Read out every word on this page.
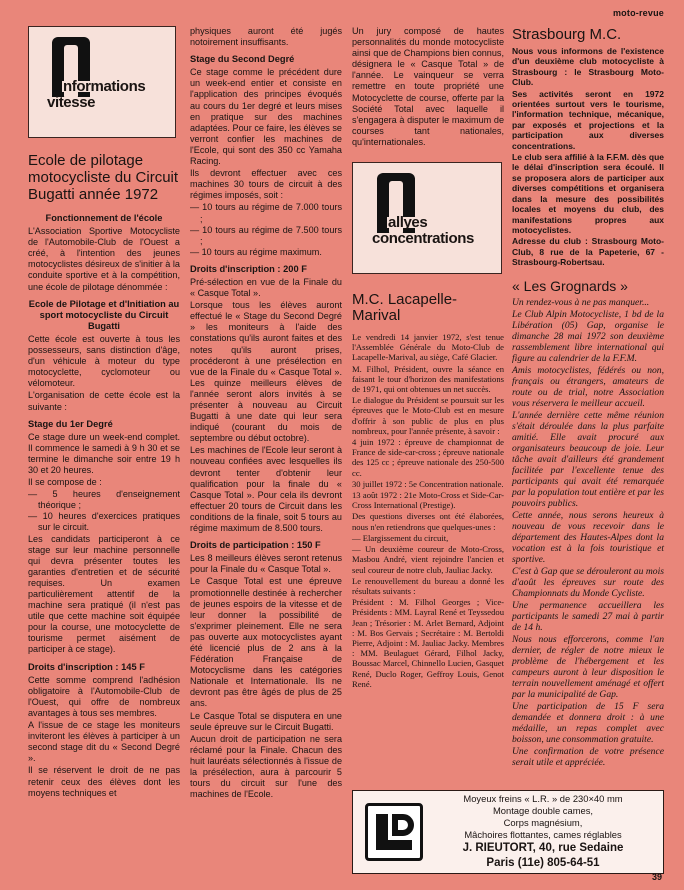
moto-revue
nformations
vitesse
Ecole de pilotage motocycliste du Circuit Bugatti année 1972
Fonctionnement de l'école

L'Association Sportive Motocycliste de l'Automobile-Club de l'Ouest a créé, à l'intention des jeunes motocyclistes désireux de s'initier à la conduite sportive et à la compétition, une école de pilotage dénommée :

Ecole de Pilotage et d'Initiation au sport motocycliste du Circuit Bugatti

Cette école est ouverte à tous les possesseurs, sans distinction d'âge, d'un véhicule à moteur du type motocyclette, cyclomoteur ou vélomoteur.

L'organisation de cette école est la suivante :

Stage du 1er Degré

Ce stage dure un week-end complet. Il commence le samedi à 9 h 30 et se termine le dimanche soir entre 19 h 30 et 20 heures.

Il se compose de :

— 5 heures d'enseignement théorique ;
— 10 heures d'exercices pratiques sur le circuit.

Les candidats participeront à ce stage sur leur machine personnelle qui devra présenter toutes les garanties d'entretien et de sécurité requises. Un examen particulièrement attentif de la machine sera pratiqué (il n'est pas utile que cette machine soit équipée pour la course, une motocyclette de tourisme permet aisément de participer à ce stage).

Droits d'inscription : 145 F

Cette somme comprend l'adhésion obligatoire à l'Automobile-Club de l'Ouest, qui offre de nombreux avantages à tous ses membres.

A l'issue de ce stage les moniteurs inviteront les élèves à participer à un second stage dit du « Second Degré ».

Il se réservent le droit de ne pas retenir ceux des élèves dont les moyens techniques et

physiques auront été jugés notoirement insuffisants.

Stage du Second Degré

Ce stage comme le précédent dure un week-end entier et consiste en l'application des principes évoqués au cours du 1er degré et leurs mises en pratique sur des machines adaptées. Pour ce faire, les élèves se verront confier les machines de l'Ecole, qui sont des 350 cc Yamaha Racing.

Ils devront effectuer avec ces machines 30 tours de circuit à des régimes imposés, soit :

— 10 tours au régime de 7.000 tours ;
— 10 tours au régime de 7.500 tours ;
— 10 tours au régime maximum.
Droits d'inscription : 200 F

Pré-sélection en vue de la Finale du « Casque Total ».

Lorsque tous les élèves auront effectué le « Stage du Second Degré » les moniteurs à l'aide des constations qu'ils auront faites et des notes qu'ils auront prises, procéderont à une présélection en vue de la Finale du « Casque Total ». Les quinze meilleurs élèves de l'année seront alors invités à se présenter à nouveau au Circuit Bugatti à une date qui leur sera indiqué (courant du mois de septembre ou début octobre).

Les machines de l'Ecole leur seront à nouveau confiées avec lesquelles ils devront tenter d'obtenir leur qualification pour la finale du « Casque Total ». Pour cela ils devront effectuer 20 tours de Circuit dans les conditions de la finale, soit 5 tours au régime maximum de 8.500 tours.

Droits de participation : 150 F

Les 8 meilleurs élèves seront retenus pour la Finale du « Casque Total ».

Le Casque Total est une épreuve promotionnelle destinée à rechercher de jeunes espoirs de la vitesse et de leur donner la possibilité de s'exprimer pleinement. Elle ne sera pas ouverte aux motocyclistes ayant été licencié plus de 2 ans à la Fédération Française de Motocyclisme dans les catégories Nationale et Internationale. Ils ne devront pas être âgés de plus de 25 ans.

Le Casque Total se disputera en une seule épreuve sur le Circuit Bugatti.

Aucun droit de participation ne sera réclamé pour la Finale. Chacun des huit lauréats sélectionnés à l'issue de la présélection, aura à parcourir 5 tours du circuit sur l'une des machines de l'Ecole.

Un jury composé de hautes personnalités du monde motocycliste ainsi que de Champions bien connus, désignera le « Casque Total » de l'année. Le vainqueur se verra remettre en toute propriété une Motocyclette de course, offerte par la Société Total avec laquelle il s'engagera à disputer le maximum de courses tant nationales, qu'internationales.

allyes
concentrations
M.C. Lacapelle-Marival

Le vendredi 14 janvier 1972, s'est tenue l'Assemblée Générale du Moto-Club de Lacapelle-Marival, au siège, Café Glacier.

M. Filhol, Président, ouvre la séance en faisant le tour d'horizon des manifestations de 1971, qui ont obtenues un net succès.

Le dialogue du Président se poursuit sur les épreuves que le Moto-Club est en mesure d'offrir à son public de plus en plus nombreux, pour l'année présente, à savoir :

4 juin 1972 : épreuve de championnat de France de side-car-cross ; épreuve nationale des 125 cc ; épreuve nationale des 250-500 cc.

30 juillet 1972 : 5e Concentration nationale.

13 août 1972 : 21e Moto-Cross et Side-Car-Cross International (Prestige).

Des questions diverses ont été élaborées, nous n'en retiendrons que quelques-unes :

— Elargissement du circuit,

— Un deuxième coureur de Moto-Cross, Masbou André, vient rejoindre l'ancien et seul coureur de notre club, Jauliac Jacky.

Le renouvellement du bureau a donné les résultats suivants :

Président : M. Filhol Georges ; Vice-Présidents : MM. Layral René et Teyssedou Jean ; Trésorier : M. Arlet Bernard, Adjoint : M. Bos Gervais ; Secrétaire : M. Bertoldi Pierre, Adjoint : M. Jauliac Jacky. Membres : MM. Beulaguet Gérard, Filhol Jacky, Boussac Marcel, Chinnello Lucien, Gasquet René, Duclo Roger, Geffroy Louis, Genot René.

Strasbourg M.C.

Nous vous informons de l'existence d'un deuxième club motocycliste à Strasbourg : le Strasbourg Moto-Club.

Ses activités seront en 1972 orientées surtout vers le tourisme, l'information technique, mécanique, par exposés et projections et la participation aux diverses concentrations.

Le club sera affilié à la F.F.M. dès que le délai d'inscription sera écoulé. Il se proposera alors de participer aux diverses compétitions et organisera dans la mesure des possibilités locales et moyens du club, des manifestations propres aux motocyclistes.

Adresse du club : Strasbourg Moto-Club, 8 rue de la Papeterie, 67 - Strasbourg-Robertsau.

« Les Grognards »

Un rendez-vous à ne pas manquer...

Le Club Alpin Motocycliste, 1 bd de la Libération (05) Gap, organise le dimanche 28 mai 1972 son deuxième rassemblement libre international qui figure au calendrier de la F.F.M.

Amis motocyclistes, fédérés ou non, français ou étrangers, amateurs de route ou de trial, notre Association vous réservera le meilleur accueil.

L'année dernière cette même réunion s'était déroulée dans la plus parfaite amitié. Elle avait procuré aux organisateurs beaucoup de joie. Leur tâche avait d'ailleurs été grandement facilitée par l'excellente tenue des participants qui avait été remarquée par la population tout entière et par les pouvoirs publics.

Cette année, nous serons heureux à nouveau de vous recevoir dans le département des Hautes-Alpes dont la vocation est à la fois touristique et sportive.

C'est à Gap que se dérouleront au mois d'août les épreuves sur route des Championnats du Monde Cycliste.

Une permanence accueillera les participants le samedi 27 mai à partir de 14 h.

Nous nous efforcerons, comme l'an dernier, de régler de notre mieux le problème de l'hébergement et les campeurs auront à leur disposition le terrain nouvellement aménagé et offert par la municipalité de Gap.

Une participation de 15 F sera demandée et donnera droit : à une médaille, un repas complet avec boisson, une consommation gratuite.

Une confirmation de votre présence serait utile et appréciée.

Moyeux freins « L.R. » de 230×40 mm
Montage double cames,
Corps magnésium,
Mâchoires flottantes, cames réglables
J. RIEUTORT, 40, rue Sedaine
Paris (11e) 805-64-51
39
